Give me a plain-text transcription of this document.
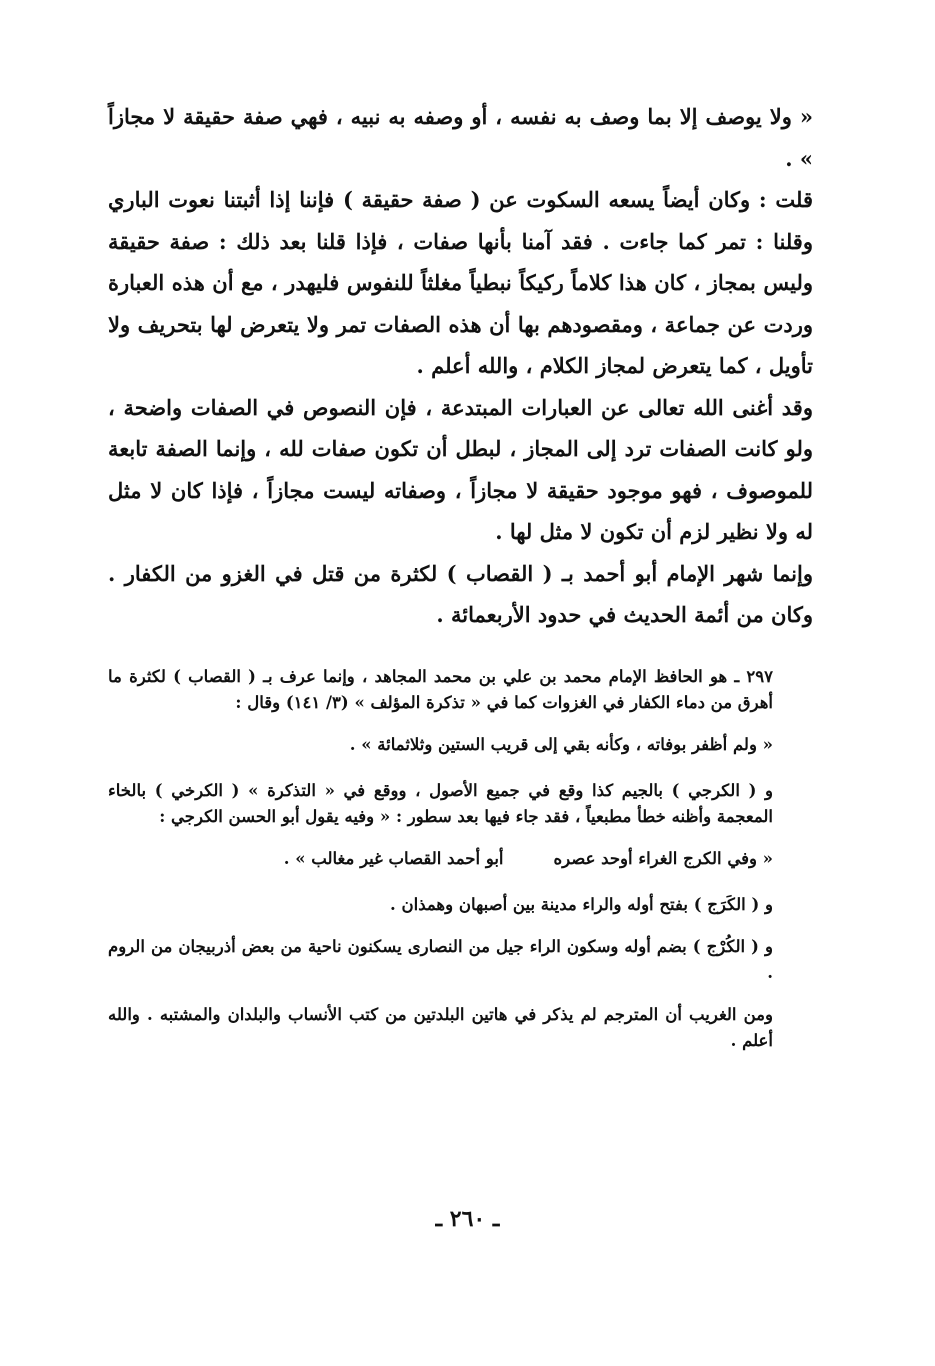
« ولا يوصف إلا بما وصف به نفسه ، أو وصفه به نبيه ، فهي صفة حقيقة لا مجازاً » .

قلت : وكان أيضاً يسعه السكوت عن ( صفة حقيقة ) فإننا إذا أثبتنا نعوت الباري وقلنا : تمر كما جاءت . فقد آمنا بأنها صفات ، فإذا قلنا بعد ذلك : صفة حقيقة وليس بمجاز ، كان هذا كلاماً ركيكاً نبطياً مغلثاً للنفوس فليهدر ، مع أن هذه العبارة وردت عن جماعة ، ومقصودهم بها أن هذه الصفات تمر ولا يتعرض لها بتحريف ولا تأويل ، كما يتعرض لمجاز الكلام ، والله أعلم .

وقد أغنى الله تعالى عن العبارات المبتدعة ، فإن النصوص في الصفات واضحة ، ولو كانت الصفات ترد إلى المجاز ، لبطل أن تكون صفات لله ، وإنما الصفة تابعة للموصوف ، فهو موجود حقيقة لا مجازاً ، وصفاته ليست مجازاً ، فإذا كان لا مثل له ولا نظير لزم أن تكون لا مثل لها .

وإنما شهر الإمام أبو أحمد بـ ( القصاب ) لكثرة من قتل في الغزو من الكفار . وكان من أئمة الحديث في حدود الأربعمائة .

٢٩٧ ـ هو الحافظ الإمام محمد بن علي بن محمد المجاهد ، وإنما عرف بـ ( القصاب ) لكثرة ما أهرق من دماء الكفار في الغزوات كما في « تذكرة المؤلف » (٣/ ١٤١) وقال :

« ولم أظفر بوفاته ، وكأنه بقي إلى قريب الستين وثلاثمائة » .

و ( الكرجي ) بالجيم كذا وقع في جميع الأصول ، ووقع في « التذكرة » ( الكرخي ) بالخاء المعجمة وأظنه خطأ مطبعياً ، فقد جاء فيها بعد سطور : « وفيه يقول أبو الحسن الكرجي :

« وفي الكرج الغراء أوحد عصره
أبو أحمد القصاب غير مغالب » .

و ( الكَرَج ) بفتح أوله والراء مدينة بين أصبهان وهمذان .

و ( الكُرْج ) بضم أوله وسكون الراء جيل من النصارى يسكنون ناحية من بعض أذربيجان من الروم .

ومن الغريب أن المترجم لم يذكر في هاتين البلدتين من كتب الأنساب والبلدان والمشتبه . والله أعلم .

ـ ٢٦٠ ـ
